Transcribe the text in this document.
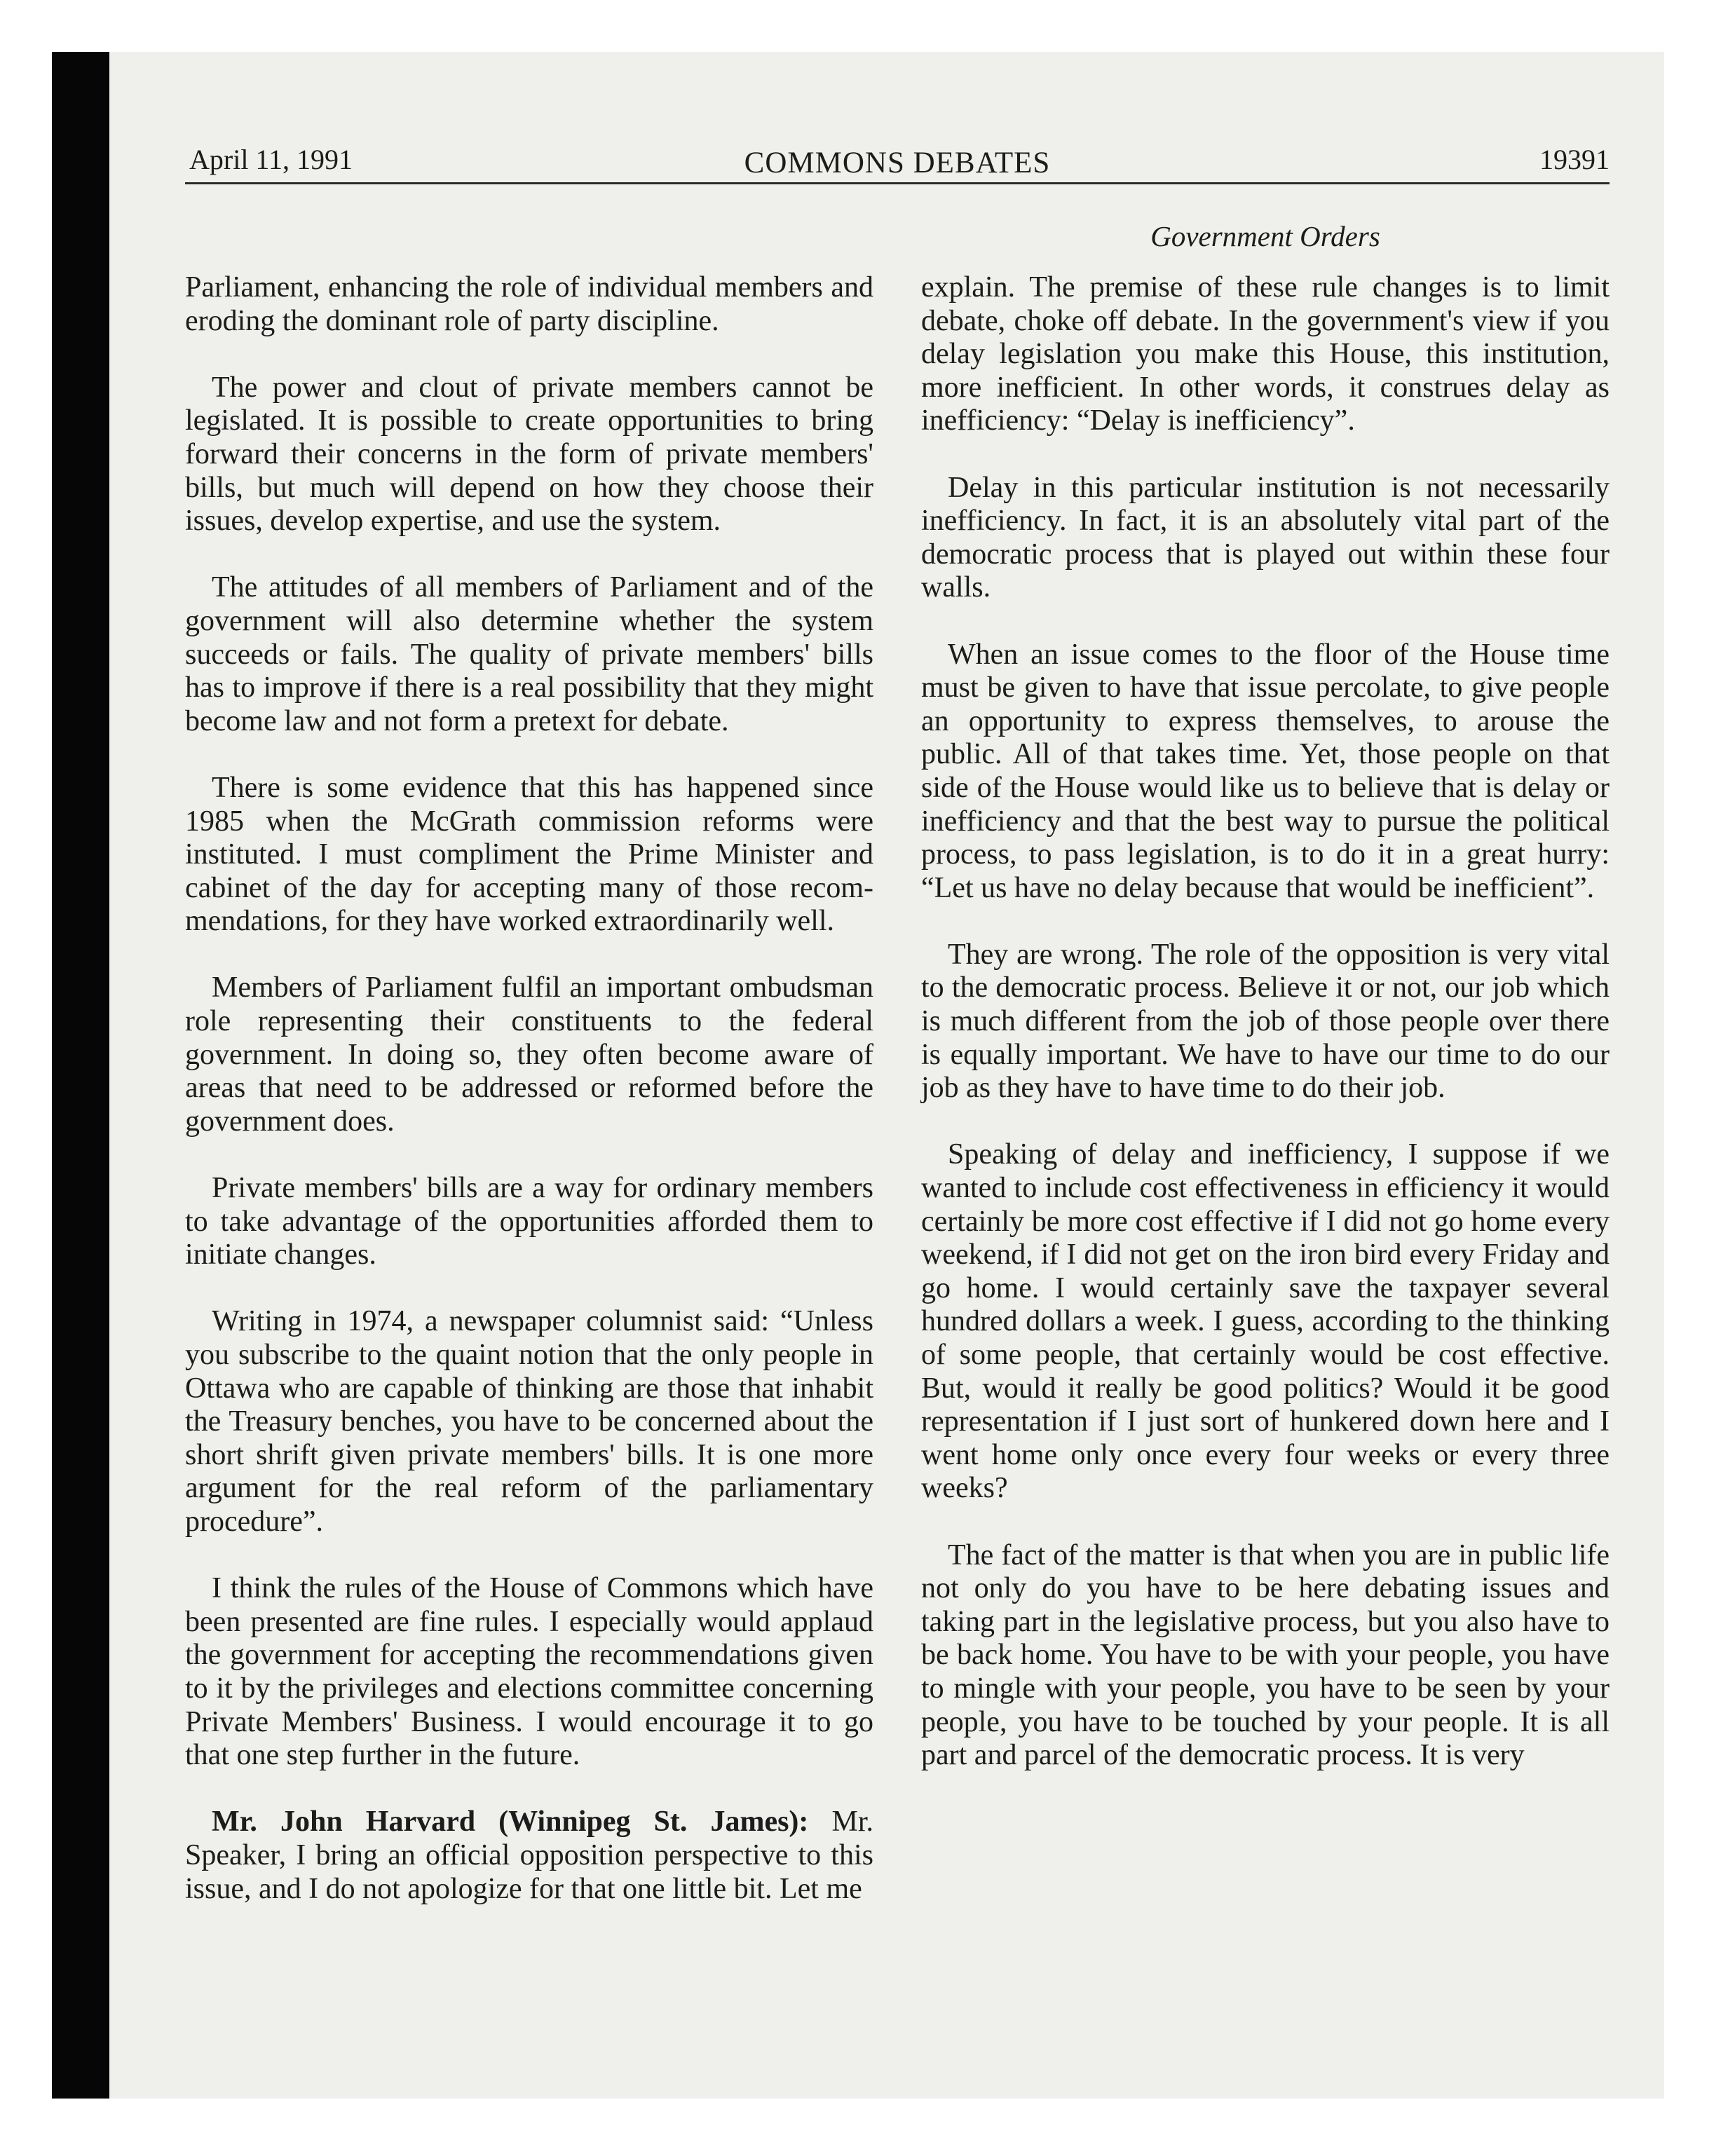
April 11, 1991	COMMONS DEBATES	19391
Government Orders

Parliament, enhancing the role of individual members and eroding the dominant role of party discipline.

The power and clout of private members cannot be legislated. It is possible to create opportunities to bring forward their concerns in the form of private members' bills, but much will depend on how they choose their issues, develop expertise, and use the system.

The attitudes of all members of Parliament and of the government will also determine whether the system succeeds or fails. The quality of private members' bills has to improve if there is a real possibility that they might become law and not form a pretext for debate.

There is some evidence that this has happened since 1985 when the McGrath commission reforms were instituted. I must compliment the Prime Minister and cabinet of the day for accepting many of those recommendations, for they have worked extraordinarily well.

Members of Parliament fulfil an important ombudsman role representing their constituents to the federal government. In doing so, they often become aware of areas that need to be addressed or reformed before the government does.

Private members' bills are a way for ordinary members to take advantage of the opportunities afforded them to initiate changes.

Writing in 1974, a newspaper columnist said: “Unless you subscribe to the quaint notion that the only people in Ottawa who are capable of thinking are those that inhabit the Treasury benches, you have to be concerned about the short shrift given private members' bills. It is one more argument for the real reform of the parliamentary procedure”.

I think the rules of the House of Commons which have been presented are fine rules. I especially would applaud the government for accepting the recommendations given to it by the privileges and elections committee concerning Private Members' Business. I would encourage it to go that one step further in the future.

Mr. John Harvard (Winnipeg St. James): Mr. Speaker, I bring an official opposition perspective to this issue, and I do not apologize for that one little bit. Let me

explain. The premise of these rule changes is to limit debate, choke off debate. In the government's view if you delay legislation you make this House, this institution, more inefficient. In other words, it construes delay as inefficiency: “Delay is inefficiency”.

Delay in this particular institution is not necessarily inefficiency. In fact, it is an absolutely vital part of the democratic process that is played out within these four walls.

When an issue comes to the floor of the House time must be given to have that issue percolate, to give people an opportunity to express themselves, to arouse the public. All of that takes time. Yet, those people on that side of the House would like us to believe that is delay or inefficiency and that the best way to pursue the political process, to pass legislation, is to do it in a great hurry: “Let us have no delay because that would be inefficient”.

They are wrong. The role of the opposition is very vital to the democratic process. Believe it or not, our job which is much different from the job of those people over there is equally important. We have to have our time to do our job as they have to have time to do their job.

Speaking of delay and inefficiency, I suppose if we wanted to include cost effectiveness in efficiency it would certainly be more cost effective if I did not go home every weekend, if I did not get on the iron bird every Friday and go home. I would certainly save the taxpayer several hundred dollars a week. I guess, according to the thinking of some people, that certainly would be cost effective. But, would it really be good politics? Would it be good representation if I just sort of hunkered down here and I went home only once every four weeks or every three weeks?

The fact of the matter is that when you are in public life not only do you have to be here debating issues and taking part in the legislative process, but you also have to be back home. You have to be with your people, you have to mingle with your people, you have to be seen by your people, you have to be touched by your people. It is all part and parcel of the democratic process. It is very
